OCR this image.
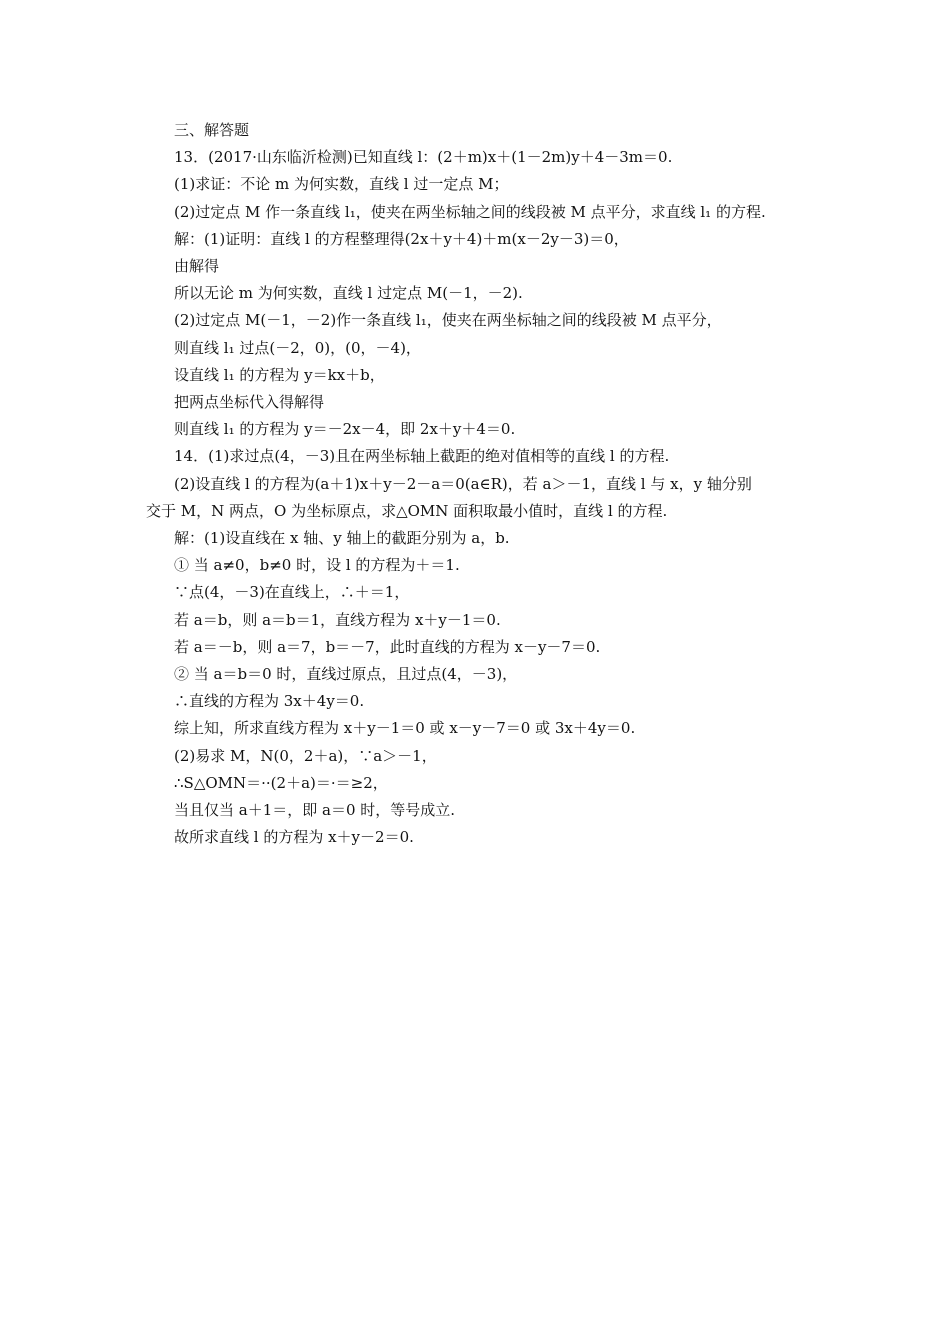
三、解答题
13．(2017·山东临沂检测)已知直线 l：(2＋m)x＋(1－2m)y＋4－3m＝0.
(1)求证：不论 m 为何实数，直线 l 过一定点 M；
(2)过定点 M 作一条直线 l₁，使夹在两坐标轴之间的线段被 M 点平分，求直线 l₁ 的方程.
解：(1)证明：直线 l 的方程整理得(2x＋y＋4)＋m(x－2y－3)＝0，
由解得
所以无论 m 为何实数，直线 l 过定点 M(－1，－2).
(2)过定点 M(－1，－2)作一条直线 l₁，使夹在两坐标轴之间的线段被 M 点平分，
则直线 l₁ 过点(－2，0)，(0，－4)，
设直线 l₁ 的方程为 y＝kx＋b，
把两点坐标代入得解得
则直线 l₁ 的方程为 y＝－2x－4，即 2x＋y＋4＝0.
14．(1)求过点(4，－3)且在两坐标轴上截距的绝对值相等的直线 l 的方程.
(2)设直线 l 的方程为(a＋1)x＋y－2－a＝0(a∈R)，若 a＞－1，直线 l 与 x，y 轴分别
交于 M，N 两点，O 为坐标原点，求△OMN 面积取最小值时，直线 l 的方程.
解：(1)设直线在 x 轴、y 轴上的截距分别为 a，b.
① 当 a≠0，b≠0 时，设 l 的方程为＋＝1.
∵点(4，－3)在直线上，∴＋＝1，
若 a＝b，则 a＝b＝1，直线方程为 x＋y－1＝0.
若 a＝－b，则 a＝7，b＝－7，此时直线的方程为 x－y－7＝0.
② 当 a＝b＝0 时，直线过原点，且过点(4，－3)，
∴直线的方程为 3x＋4y＝0.
综上知，所求直线方程为 x＋y－1＝0 或 x－y－7＝0 或 3x＋4y＝0.
(2)易求 M，N(0，2＋a)，∵a＞－1，
∴S△OMN＝··(2＋a)＝·＝≥2，
当且仅当 a＋1＝，即 a＝0 时，等号成立.
故所求直线 l 的方程为 x＋y－2＝0.
